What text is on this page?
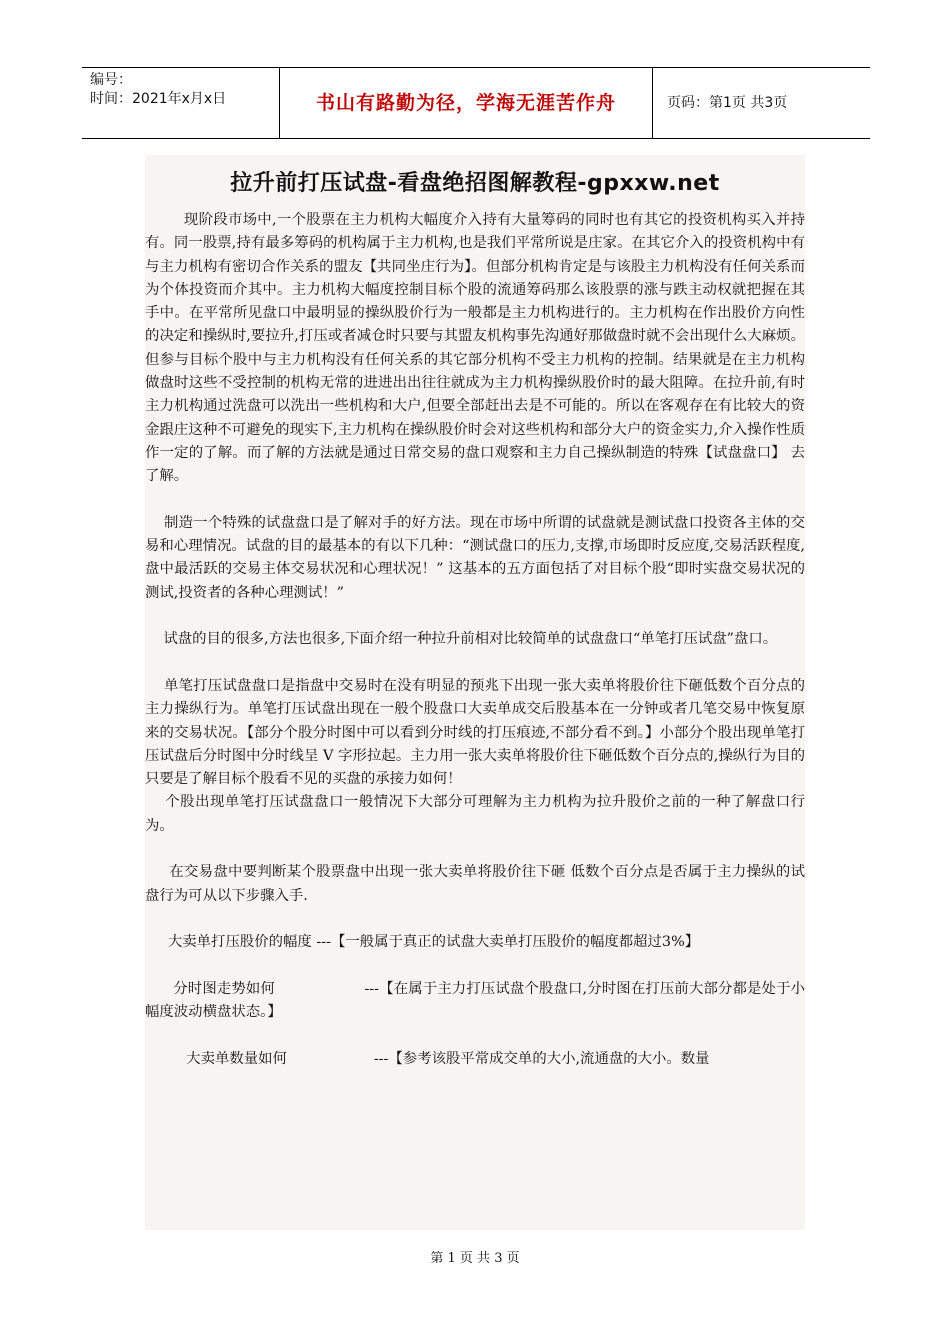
编号：
时间：2021年x月x日	书山有路勤为径，学海无涯苦作舟	页码：第1页 共3页
拉升前打压试盘-看盘绝招图解教程-gpxxw.net
现阶段市场中,一个股票在主力机构大幅度介入持有大量筹码的同时也有其它的投资机构买入并持有。同一股票,持有最多筹码的机构属于主力机构,也是我们平常所说是庄家。在其它介入的投资机构中有与主力机构有密切合作关系的盟友【共同坐庄行为】。但部分机构肯定是与该股主力机构没有任何关系而为个体投资而介其中。主力机构大幅度控制目标个股的流通筹码那么该股票的涨与跌主动权就把握在其手中。在平常所见盘口中最明显的操纵股价行为一般都是主力机构进行的。主力机构在作出股价方向性的决定和操纵时,要拉升,打压或者减仓时只要与其盟友机构事先沟通好那做盘时就不会出现什么大麻烦。但参与目标个股中与主力机构没有任何关系的其它部分机构不受主力机构的控制。结果就是在主力机构做盘时这些不受控制的机构无常的进进出出往往就成为主力机构操纵股价时的最大阻障。在拉升前,有时主力机构通过洗盘可以洗出一些机构和大户,但要全部赶出去是不可能的。所以在客观存在有比较大的资金跟庄这种不可避免的现实下,主力机构在操纵股价时会对这些机构和部分大户的资金实力,介入操作性质作一定的了解。而了解的方法就是通过日常交易的盘口观察和主力自己操纵制造的特殊【试盘盘口】 去了解。
制造一个特殊的试盘盘口是了解对手的好方法。现在市场中所谓的试盘就是测试盘口投资各主体的交易和心理情况。试盘的目的最基本的有以下几种：“测试盘口的压力,支撑,市场即时反应度,交易活跃程度,盘中最活跃的交易主体交易状况和心理状况！” 这基本的五方面包括了对目标个股“即时实盘交易状况的测试,投资者的各种心理测试！”
试盘的目的很多,方法也很多,下面介绍一种拉升前相对比较简单的试盘盘口“单笔打压试盘”盘口。
单笔打压试盘盘口是指盘中交易时在没有明显的预兆下出现一张大卖单将股价往下砸低数个百分点的主力操纵行为。单笔打压试盘出现在一般个股盘口大卖单成交后股基本在一分钟或者几笔交易中恢复原来的交易状况。【部分个股分时图中可以看到分时线的打压痕迹,不部分看不到。】小部分个股出现单笔打压试盘后分时图中分时线呈 V 字形拉起。主力用一张大卖单将股价往下砸低数个百分点的,操纵行为目的只要是了解目标个股看不见的买盘的承接力如何！
个股出现单笔打压试盘盘口一般情况下大部分可理解为主力机构为拉升股价之前的一种了解盘口行为。
在交易盘中要判断某个股票盘中出现一张大卖单将股价往下砸 低数个百分点是否属于主力操纵的试盘行为可从以下步骤入手.
大卖单打压股价的幅度 ---【一般属于真正的试盘大卖单打压股价的幅度都超过3%】
分时图走势如何                   ---【在属于主力打压试盘个股盘口,分时图在打压前大部分都是处于小幅度波动横盘状态。】
大卖单数量如何                   ---【参考该股平常成交单的大小,流通盘的大小。数量
第 1 页 共 3 页
